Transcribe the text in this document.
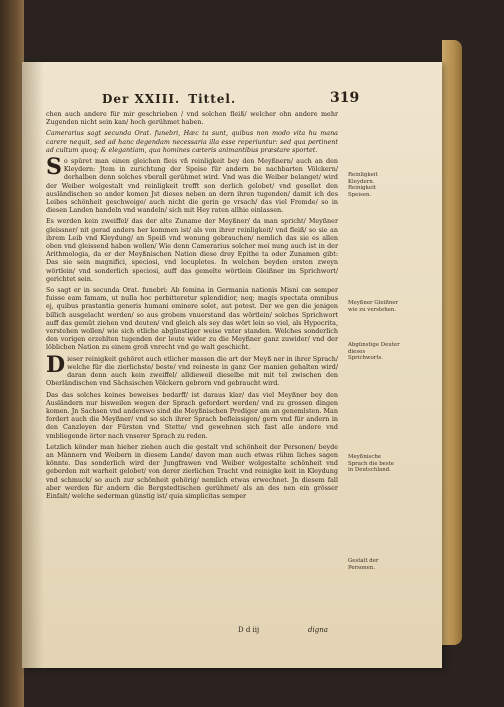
Der XXIII. Tittel.	319

chen auch andere für mir geschrieben / vnd solchen fleiß/ welcher ohn andere mehr Zugenden nicht sein kan/ hoch gerühmet haben.

Camerarius sagt secunda Orat. funebri, Hæc ta sunt, quibus non modo vita hu mana carere nequit, sed ad hanc degendam necessaria illa esse reperiuntur: sed qua pertinent ad cultum quoq; & elegantiam, qua homines cæteris animantibus præstare sportet.

So spüret man einen gleichen fleis vñ reinligkeit bey den Meyßnern/ auch an den Kleydern: Jtem in zurichtung der Speise für andern be nachbarten Völckern/ derhalben denn solches vberall gerühmet wird. Vnd was die Weiber belanget/ wird der Weiber wolgestalt vnd reinligkeit trefft son derlich gelobet/ vnd gesellet den ausländischen so ander komen Jst dieses neben an dern ihren tugenden/ damit ich des Leibes schönheit geschweige/ auch nicht die gerin ge vrsach/ das viel Fremde/ so in diesen Landen handeln vnd wandeln/ sich mit Hey raten allhie einlassen.

Es werden kein zweiffel/ das der alte Zuname der Meyßner/ da man spricht/ Meyßner gleissner/ nit gerad anders her kommen ist/ als von ihrer reinligkeit/ vnd fleiß/ so sie an ihrem Leib vnd Kleydung/ an Speiß vnd wonung gebrauchen/ nemlich das sie es allen oben vnd gleissend haben wollen/ Wie denn Camerarius solcher mei nung auch ist in der Arithmologia, da er der Meyßnischen Nation diese drey Epithe ta oder Zunamen gibt: Das sie sein magnifici, speciosi, vnd locupletes. In welchen beyden ersten zweyn wörtlein/ vnd sonderlich speciosi, auff das gemelte wörtlein Gleißner im Sprichwort/ gerichtet sein.

So sagt er in secunda Orat. funebri: Ab femina in Germania nationis Misni cæ semper fuisse eam famam, ut nulla hoc perbitteretur splendidior, neq; magis spectata omnibus ej, quibus prastantia generis humani eminere solet, aut potest. Der we gen die jenigen billich ausgelacht werden/ so aus grobem vnuerstand das wörtlein/ solches Sprichwort auff das gemüt ziehen vnd deuten/ vnd gleich als sey das wört lein so viel, als Hypocrita, verstehen wollen/ wie sich etliche abgünstiger weise vnter standen. Welches sonderlich den vorigen erzehlten tugenden der leute wider zu die Meyßner ganz zuwider/ vnd der löblichen Nation zu einem groß vnrecht vnd ge walt geschicht.

Dieser reinigkeit gehöret auch etlicher massen die art der Meyß ner in ihrer Sprach/ welche für die zierlichste/ beste/ vnd reineste in ganz Ger manien gehalten wird/ daran denn auch kein zweiffel/ alldieweil dieselbe mit mit tel zwischen den Oberländischen vnd Sächsischen Völckern gebrorn vnd gebraucht wird.

Das das solches keines beweises bedarff/ ist daraus klar/ das viel Meyßner bey den Ausländern nur bisweilen wegen der Sprach gefordert werden/ vnd zu grossen dingen komen. Jn Sachsen vnd anderswo sind die Meyßnischen Prediger am an genemlsten. Man fordert auch die Meyßner/ vnd so sich ihrer Sprach befleissigen/ gern vnd für andern in den Canzleyen der Fürsten vnd Stette/ vnd gewehnen sich fast alle andere vnd vmbliegende örter nach vnserer Sprach zu reden.

Letzlich könder man hieher ziehen auch die gestalt vnd schönheit der Personen/ beyde an Männern vnd Weibern in diesem Lande/ davon man auch etwas rühm liches sagen könnte. Das sonderlich wird der Jungfrawen vnd Weiber wolgestalte schönheit vnd geberden mit warheit gelobet/ von derer zierlichen Tracht vnd reinigke keit in Kleydung vnd schmuck/ so auch zur schönheit gehörig/ nemlich etwas erwechnet. Jn diesem fall aber werden für andern die Bergstedtischen gerühmet/ als an des nen ein grösser Einfalt/ welche sederman günstig ist/ quia simplicitas semper

Reinligkeit Kleydern. Reinigkeit Speisen.
Meyßner Gleißner wie zu verstehen.
Abgünstige Deuter dieses Sprichworts.
Meyßnische Sprach die beste in Deutschland.
Gestalt der Personen.
D d iij	digna
